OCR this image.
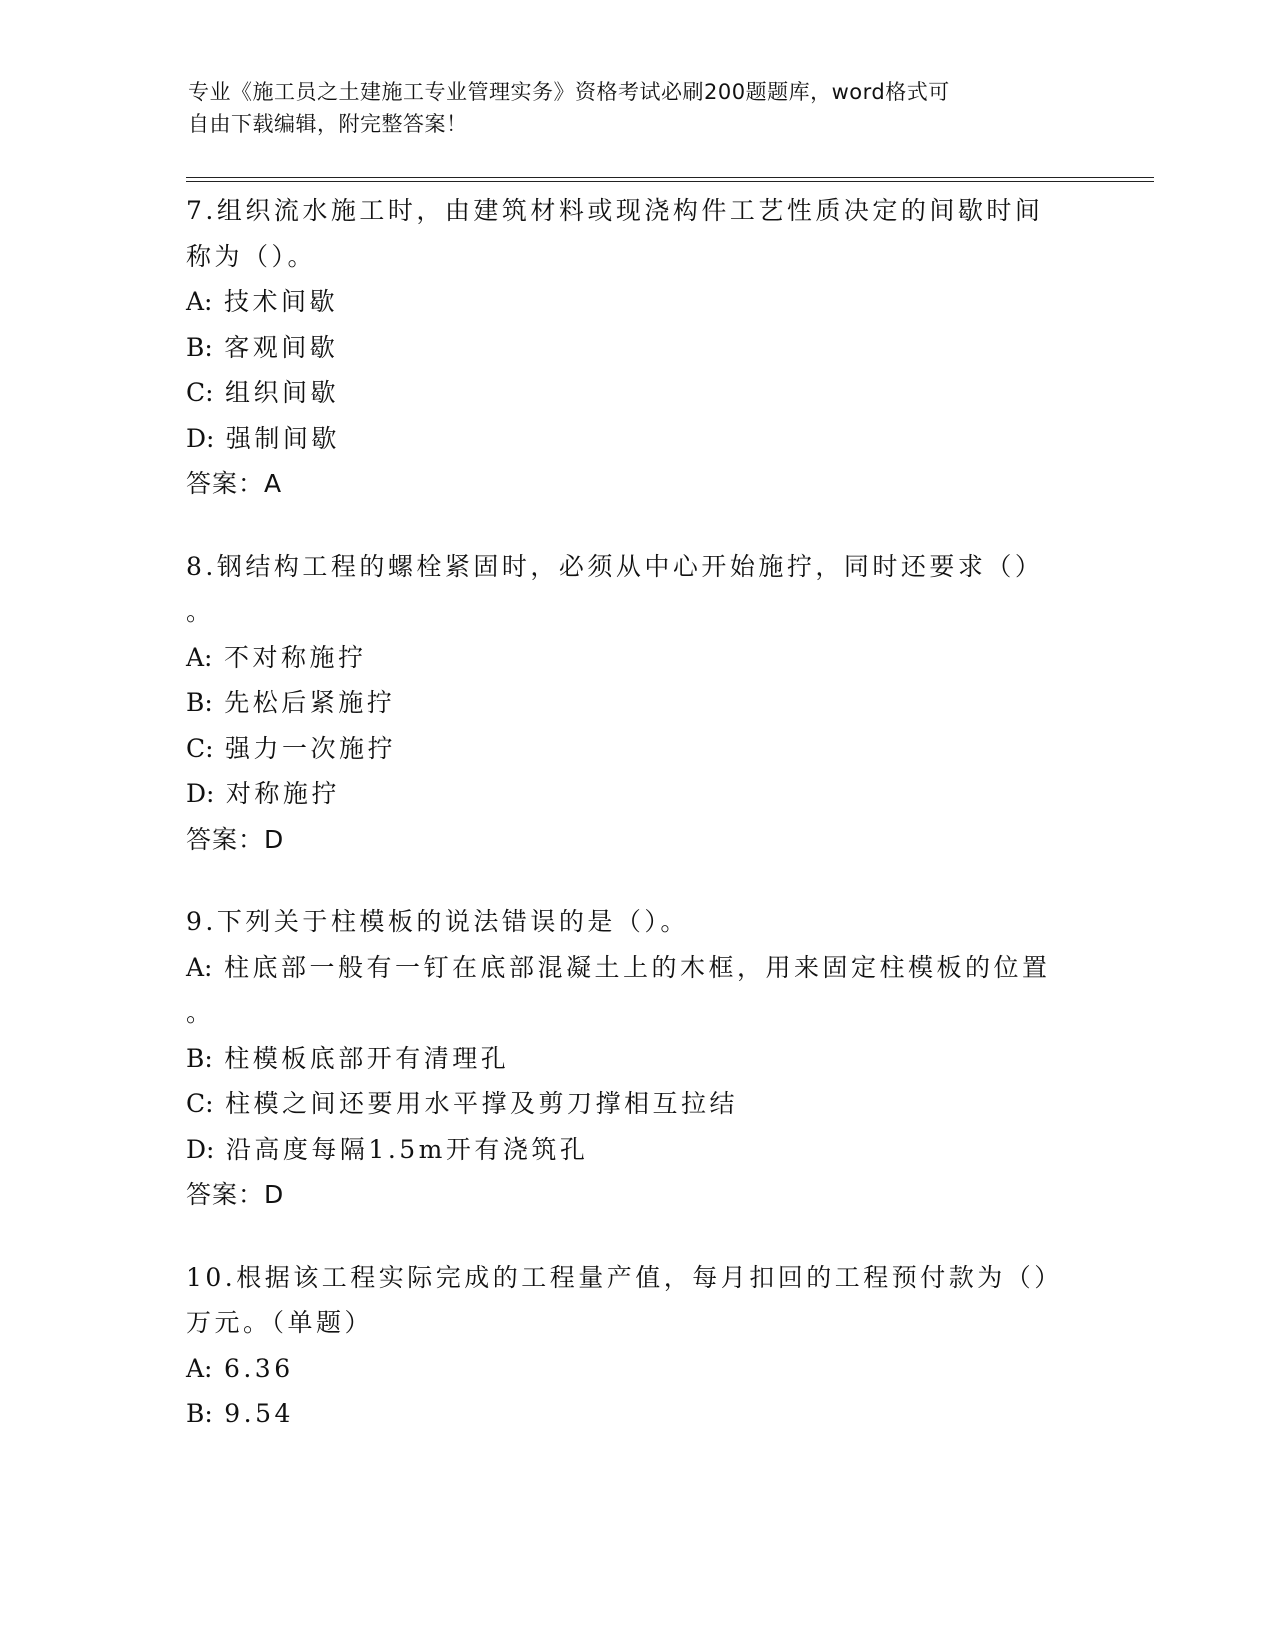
专业《施工员之土建施工专业管理实务》资格考试必刷200题题库，word格式可
自由下载编辑，附完整答案！
7.组织流水施工时，由建筑材料或现浇构件工艺性质决定的间歇时间
称为（）。
A: 技术间歇
B: 客观间歇
C: 组织间歇
D: 强制间歇
答案：A
8.钢结构工程的螺栓紧固时，必须从中心开始施拧，同时还要求（）
。
A: 不对称施拧
B: 先松后紧施拧
C: 强力一次施拧
D: 对称施拧
答案：D
9.下列关于柱模板的说法错误的是（）。
A: 柱底部一般有一钉在底部混凝土上的木框，用来固定柱模板的位置
。
B: 柱模板底部开有清理孔
C: 柱模之间还要用水平撑及剪刀撑相互拉结
D: 沿高度每隔1.5m开有浇筑孔
答案：D
10.根据该工程实际完成的工程量产值，每月扣回的工程预付款为（）
万元。（单题）
A: 6.36
B: 9.54
